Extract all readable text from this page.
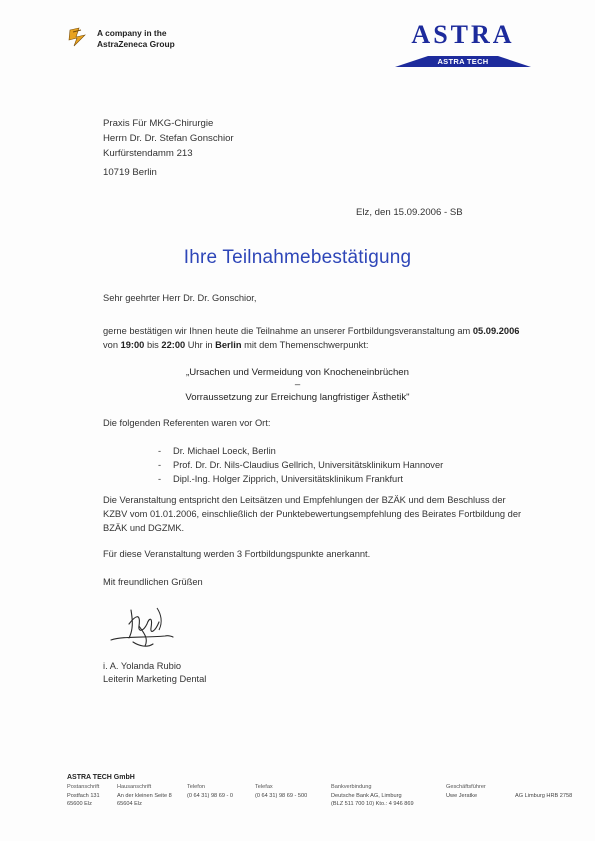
A company in the
AstraZeneca Group	ASTRA
ASTRA TECH
Praxis Für MKG-Chirurgie
Herrn Dr. Dr. Stefan Gonschior
Kurfürstendamm 213
10719 Berlin
Elz, den 15.09.2006 - SB
Ihre Teilnahmebestätigung
Sehr geehrter Herr Dr. Dr. Gonschior,
gerne bestätigen wir Ihnen heute die Teilnahme an unserer Fortbildungsveranstaltung am 05.09.2006 von 19:00 bis 22:00 Uhr in Berlin mit dem Themenschwerpunkt:
„Ursachen und Vermeidung von Knocheneinbrüchen
–
Vorraussetzung zur Erreichung langfristiger Ästhetik"
Die folgenden Referenten waren vor Ort:
- Dr. Michael Loeck, Berlin
- Prof. Dr. Dr. Nils-Claudius Gellrich, Universitätsklinikum Hannover
- Dipl.-Ing. Holger Zipprich, Universitätsklinikum Frankfurt
Die Veranstaltung entspricht den Leitsätzen und Empfehlungen der BZÄK und dem Beschluss der KZBV vom 01.01.2006, einschließlich der Punktebewertungsempfehlung des Beirates Fortbildung der BZÄK und DGZMK.
Für diese Veranstaltung werden 3 Fortbildungspunkte anerkannt.
Mit freundlichen Grüßen
i. A. Yolanda Rubio
Leiterin Marketing Dental
ASTRA TECH GmbH
Postanschrift
Postfach 131
65600 Elz
Hausanschrift
An der kleinen Seite 8
65604 Elz
Telefon
(0 64 31) 98 69 - 0
Telefax
(0 64 31) 98 69 - 500
Bankverbindung
Deutsche Bank AG, Limburg
(BLZ 511 700 10) Kto.: 4 946 869
Geschäftsführer
Uwe Jeratke	AG Limburg HRB 2758
